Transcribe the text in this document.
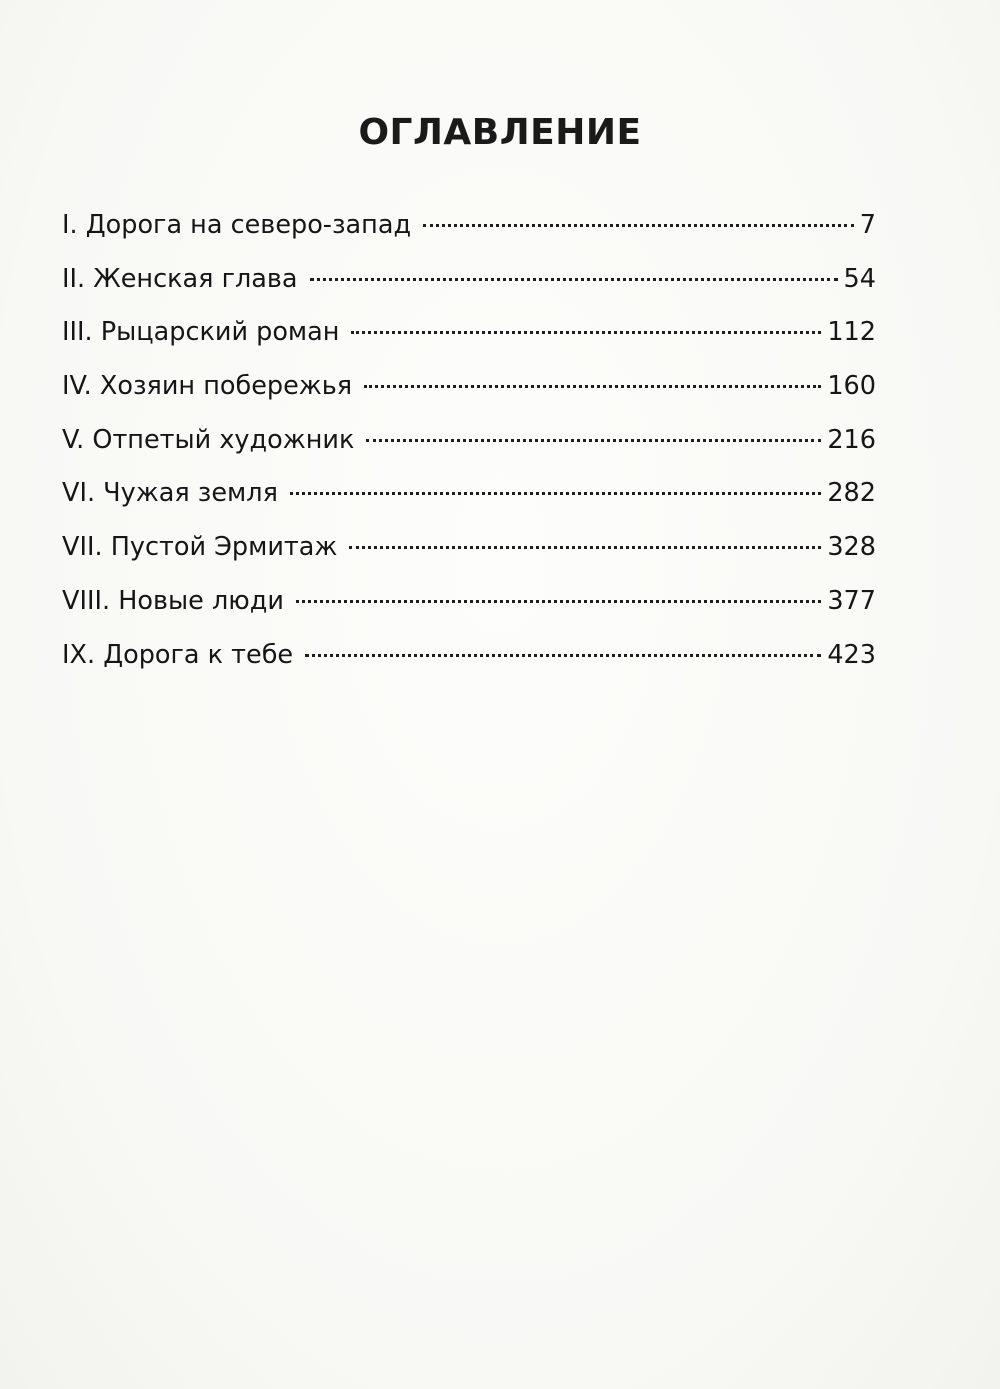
ОГЛАВЛЕНИЕ
I. Дорога на северо-запад	7
II. Женская глава	54
III. Рыцарский роман	112
IV. Хозяин побережья	160
V. Отпетый художник	216
VI. Чужая земля	282
VII. Пустой Эрмитаж	328
VIII. Новые люди	377
IX. Дорога к тебе	423
